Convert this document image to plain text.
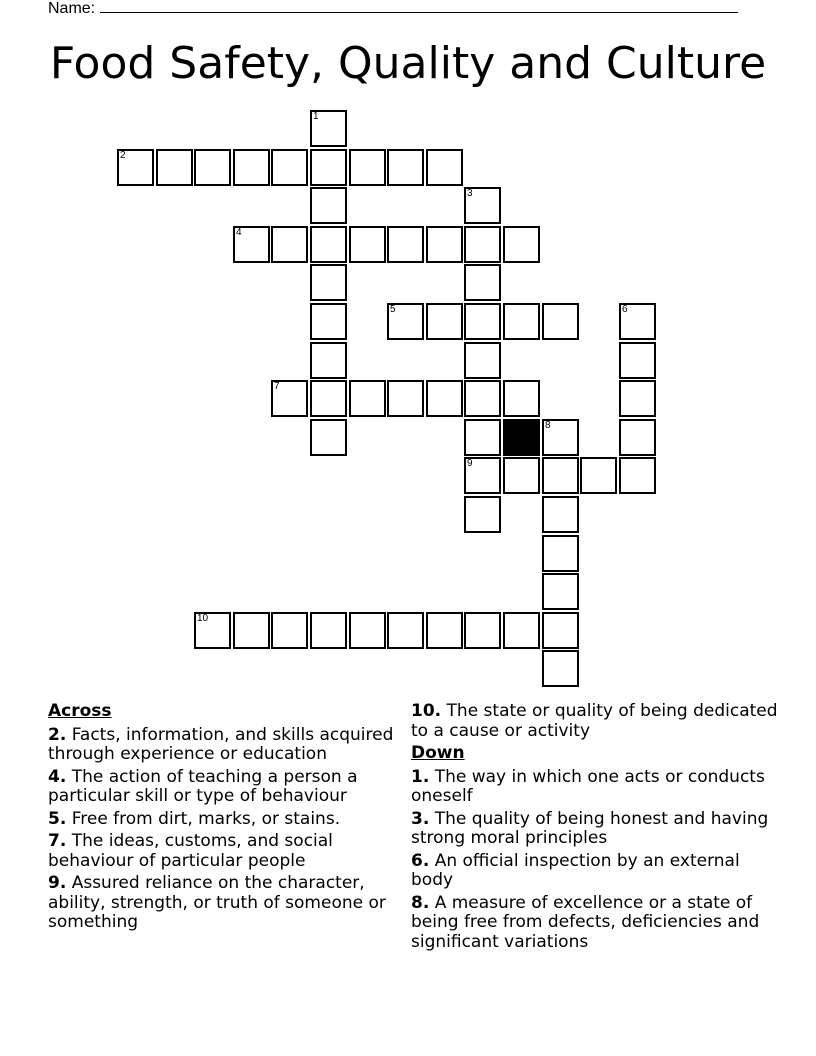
Name:
Food Safety, Quality and Culture
1
2
3
4
5	6
7
8
9
10
Across
2. Facts, information, and skills acquired through experience or education
4. The action of teaching a person a particular skill or type of behaviour
5. Free from dirt, marks, or stains.
7. The ideas, customs, and social behaviour of particular people
9. Assured reliance on the character, ability, strength, or truth of someone or something
10. The state or quality of being dedicated to a cause or activity
Down
1. The way in which one acts or conducts oneself
3. The quality of being honest and having strong moral principles
6. An official inspection by an external body
8. A measure of excellence or a state of being free from defects, deficiencies and significant variations
